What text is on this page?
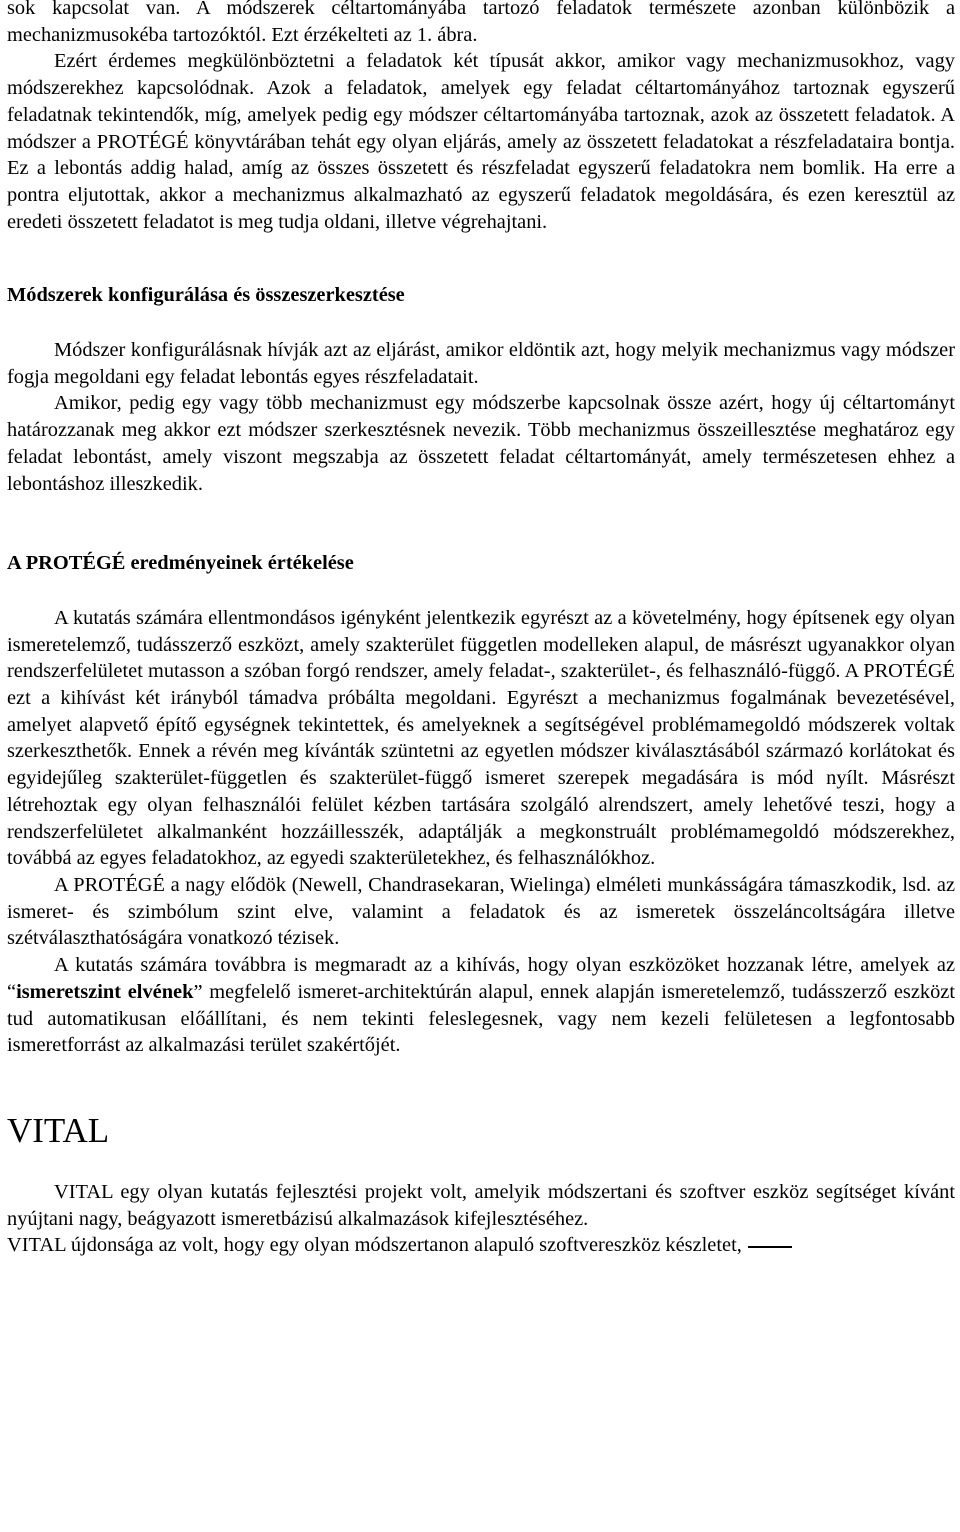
sok kapcsolat van. A módszerek céltartományába tartozó feladatok természete azonban különbözik a mechanizmusokéba tartozóktól. Ezt érzékelteti az 1. ábra.

Ezért érdemes megkülönböztetni a feladatok két típusát akkor, amikor vagy mechanizmusokhoz, vagy módszerekhez kapcsolódnak. Azok a feladatok, amelyek egy feladat céltartományához tartoznak egyszerű feladatnak tekintendők, míg, amelyek pedig egy módszer céltartományába tartoznak, azok az összetett feladatok. A módszer a PROTÉGÉ könyvtárában tehát egy olyan eljárás, amely az összetett feladatokat a részfeladataira bontja. Ez a lebontás addig halad, amíg az összes összetett és részfeladat egyszerű feladatokra nem bomlik. Ha erre a pontra eljutottak, akkor a mechanizmus alkalmazható az egyszerű feladatok megoldására, és ezen keresztül az eredeti összetett feladatot is meg tudja oldani, illetve végrehajtani.

Módszerek konfigurálása és összeszerkesztése

Módszer konfigurálásnak hívják azt az eljárást, amikor eldöntik azt, hogy melyik mechanizmus vagy módszer fogja megoldani egy feladat lebontás egyes részfeladatait.

Amikor, pedig egy vagy több mechanizmust egy módszerbe kapcsolnak össze azért, hogy új céltartományt határozzanak meg akkor ezt módszer szerkesztésnek nevezik. Több mechanizmus összeillesztése meghatároz egy feladat lebontást, amely viszont megszabja az összetett feladat céltartományát, amely természetesen ehhez a lebontáshoz illeszkedik.

A PROTÉGÉ eredményeinek értékelése

A kutatás számára ellentmondásos igényként jelentkezik egyrészt az a követelmény, hogy építsenek egy olyan ismeretelemző, tudásszerző eszközt, amely szakterület független modelleken alapul, de másrészt ugyanakkor olyan rendszerfelületet mutasson a szóban forgó rendszer, amely feladat-, szakterület-, és felhasználó-függő. A PROTÉGÉ ezt a kihívást két irányból támadva próbálta megoldani. Egyrészt a mechanizmus fogalmának bevezetésével, amelyet alapvető építő egységnek tekintettek, és amelyeknek a segítségével problémamegoldó módszerek voltak szerkeszthetők. Ennek a révén meg kívánták szüntetni az egyetlen módszer kiválasztásából származó korlátokat és egyidejűleg szakterület-független és szakterület-függő ismeret szerepek megadására is mód nyílt. Másrészt létrehoztak egy olyan felhasználói felület kézben tartására szolgáló alrendszert, amely lehetővé teszi, hogy a rendszerfelületet alkalmanként hozzáillesszék, adaptálják a megkonstruált problémamegoldó módszerekhez, továbbá az egyes feladatokhoz, az egyedi szakterületekhez, és felhasználókhoz.

A PROTÉGÉ a nagy elődök (Newell, Chandrasekaran, Wielinga) elméleti munkásságára támaszkodik, lsd. az ismeret- és szimbólum szint elve, valamint a feladatok és az ismeretek összeláncoltságára illetve szétválaszthatóságára vonatkozó tézisek.

A kutatás számára továbbra is megmaradt az a kihívás, hogy olyan eszközöket hozzanak létre, amelyek az “ismeretszint elvének” megfelelő ismeret-architektúrán alapul, ennek alapján ismeretelemző, tudásszerző eszközt tud automatikusan előállítani, és nem tekinti feleslegesnek, vagy nem kezeli felületesen a legfontosabb ismeretforrást az alkalmazási terület szakértőjét.

VITAL

VITAL egy olyan kutatás fejlesztési projekt volt, amelyik módszertani és szoftver eszköz segítséget kívánt nyújtani nagy, beágyazott ismeretbázisú alkalmazások kifejlesztéséhez.

VITAL újdonsága az volt, hogy egy olyan módszertanon alapuló szoftvereszköz készletet,
